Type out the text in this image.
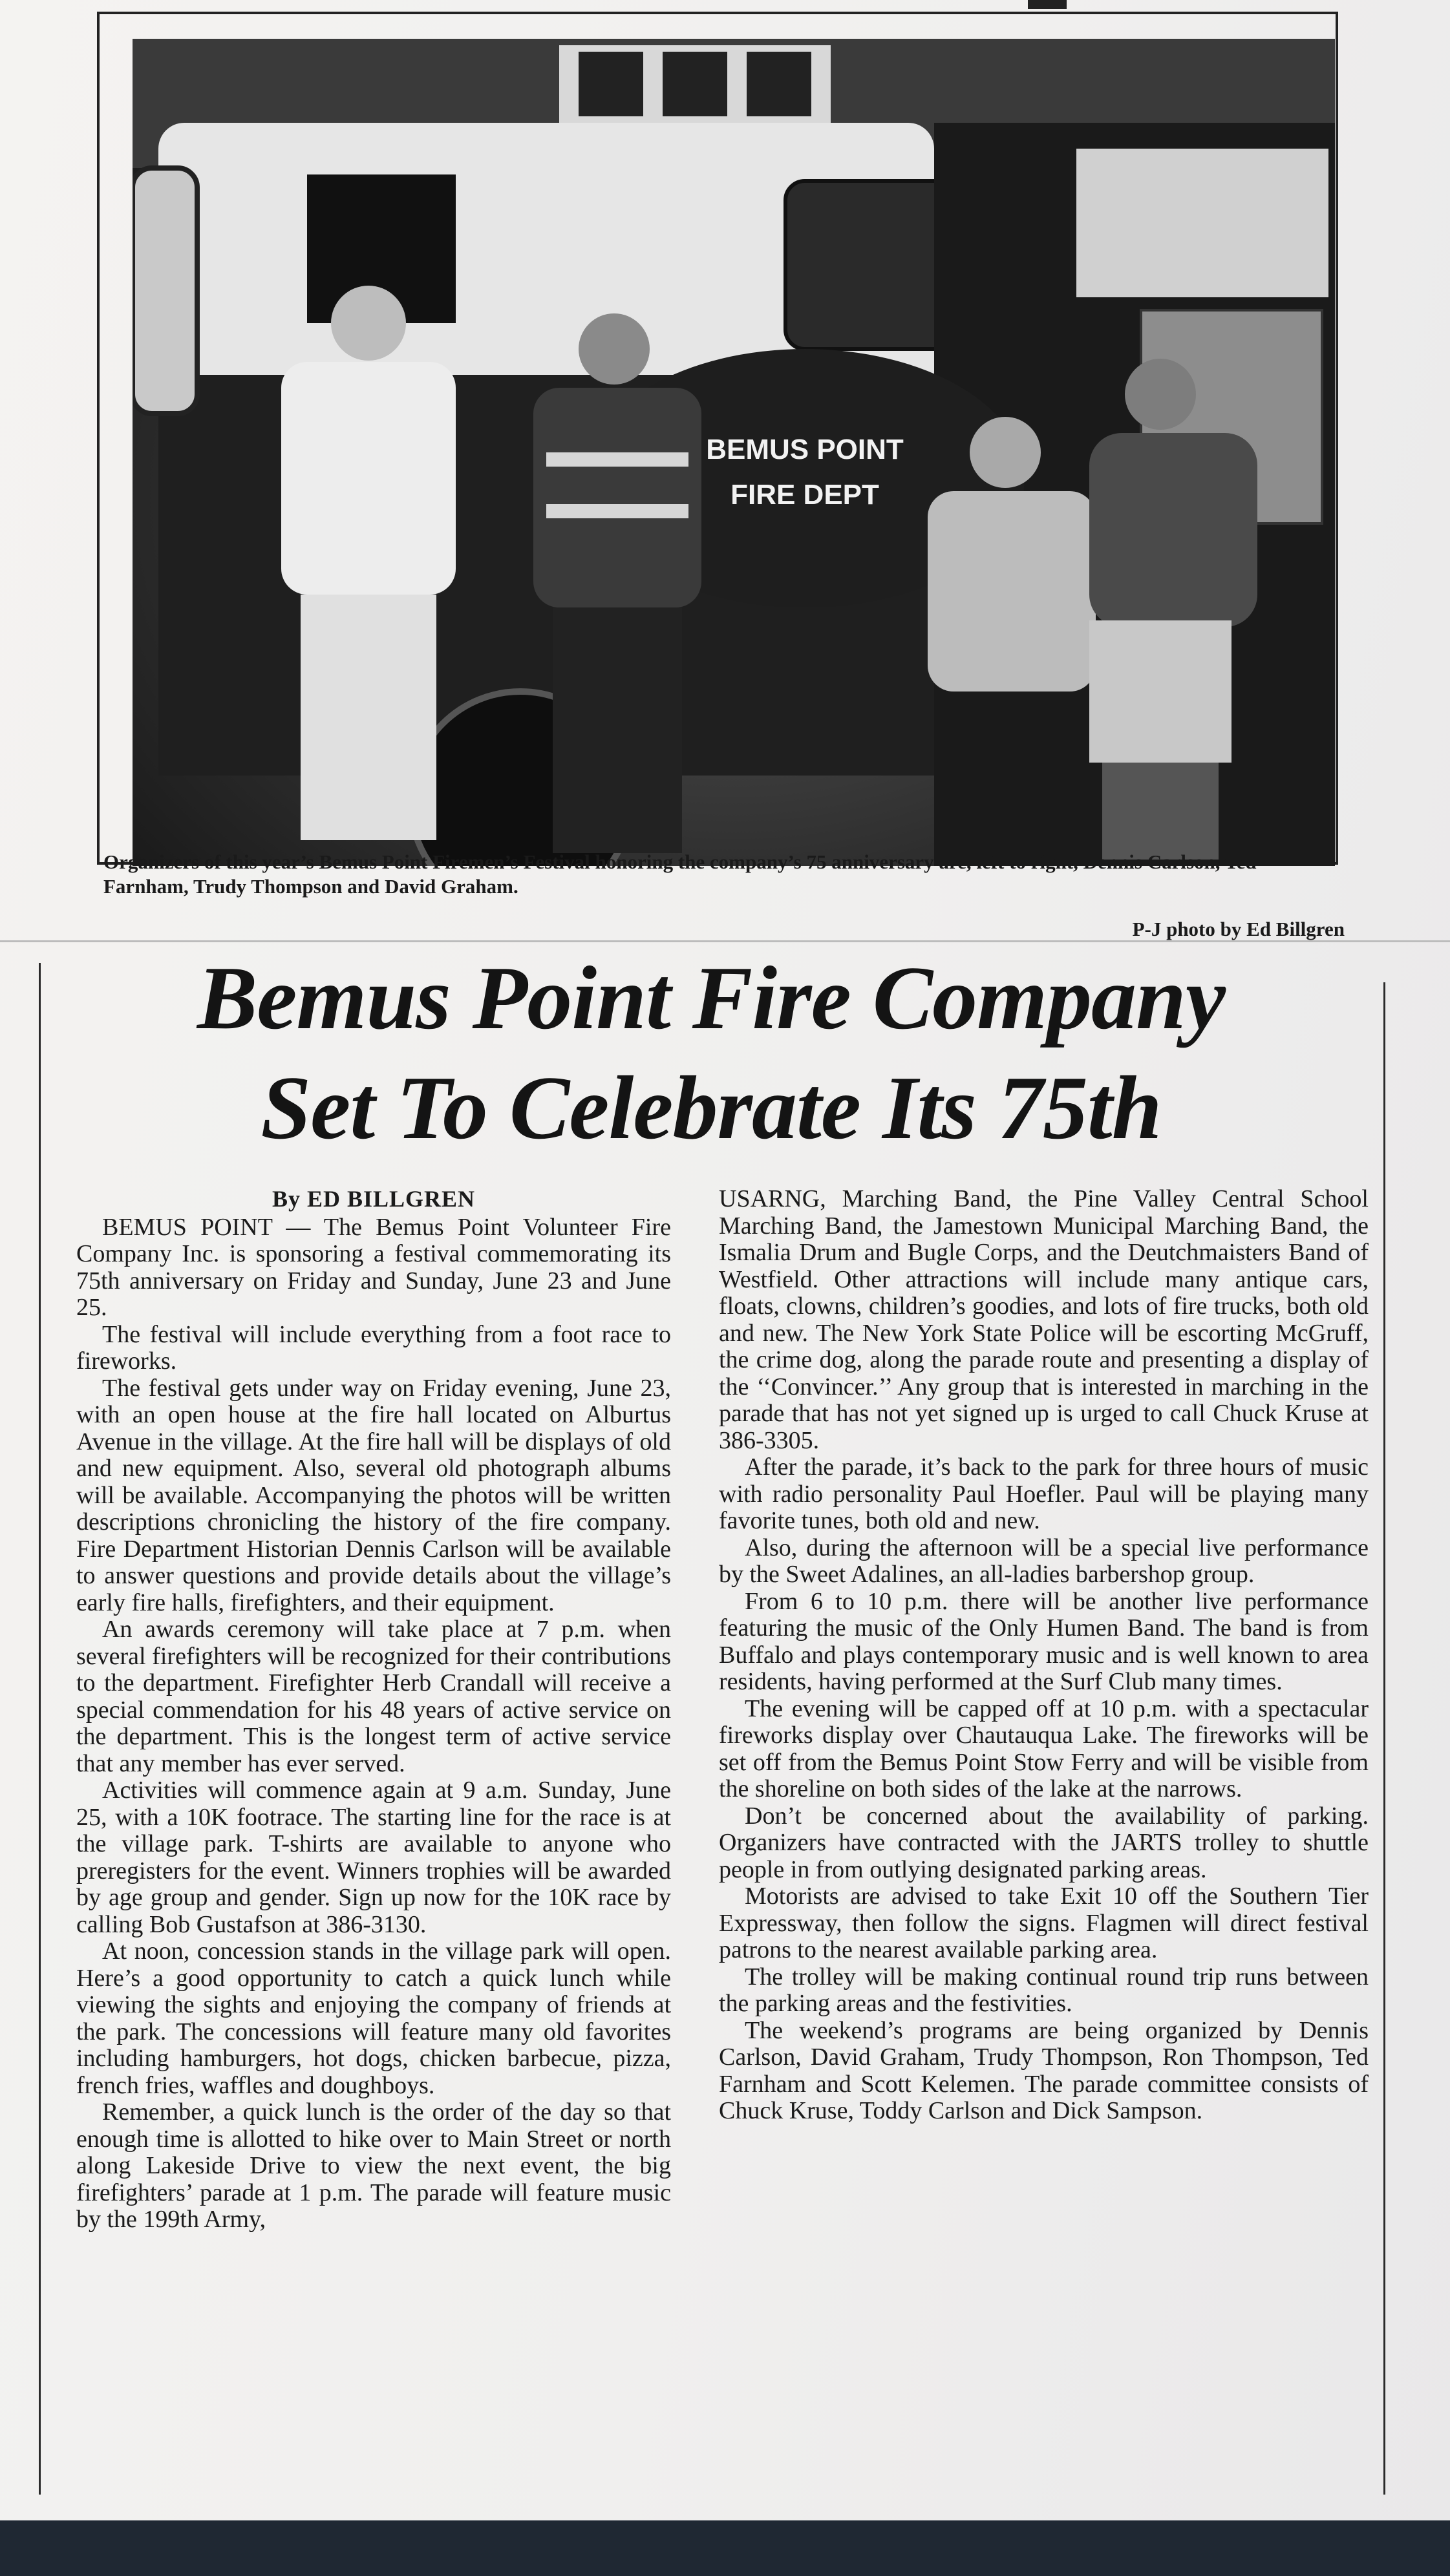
BEMUS POINT
FIRE DEPT
Organizers of this year’s Bemus Point Firemen’s Festival honoring the company’s 75 anniversary are, left to right, Dennis Carlson, Ted Farnham, Trudy Thompson and David Graham.
P-J photo by Ed Billgren
Bemus Point Fire Company
Set To Celebrate Its 75th
By ED BILLGREN

BEMUS POINT — The Bemus Point Volunteer Fire Company Inc. is sponsoring a festival commemorating its 75th anniversary on Friday and Sunday, June 23 and June 25.

The festival will include everything from a foot race to fireworks.

The festival gets under way on Friday evening, June 23, with an open house at the fire hall located on Alburtus Avenue in the village. At the fire hall will be displays of old and new equipment. Also, several old photograph albums will be available. Accompanying the photos will be written descriptions chronicling the history of the fire company. Fire Department Historian Dennis Carlson will be available to answer questions and provide details about the village’s early fire halls, firefighters, and their equipment.

An awards ceremony will take place at 7 p.m. when several firefighters will be recognized for their contributions to the department. Firefighter Herb Crandall will receive a special commendation for his 48 years of active service on the department. This is the longest term of active service that any member has ever served.

Activities will commence again at 9 a.m. Sunday, June 25, with a 10K footrace. The starting line for the race is at the village park. T-shirts are available to anyone who preregisters for the event. Winners trophies will be awarded by age group and gender. Sign up now for the 10K race by calling Bob Gustafson at 386-3130.

At noon, concession stands in the village park will open. Here’s a good opportunity to catch a quick lunch while viewing the sights and enjoying the company of friends at the park. The concessions will feature many old favorites including hamburgers, hot dogs, chicken barbecue, pizza, french fries, waffles and doughboys.

Remember, a quick lunch is the order of the day so that enough time is allotted to hike over to Main Street or north along Lakeside Drive to view the next event, the big firefighters’ parade at 1 p.m. The parade will feature music by the 199th Army,

USARNG, Marching Band, the Pine Valley Central School Marching Band, the Jamestown Municipal Marching Band, the Ismalia Drum and Bugle Corps, and the Deutchmaisters Band of Westfield. Other attractions will include many antique cars, floats, clowns, children’s goodies, and lots of fire trucks, both old and new. The New York State Police will be escorting McGruff, the crime dog, along the parade route and presenting a display of the ‘‘Convincer.’’ Any group that is interested in marching in the parade that has not yet signed up is urged to call Chuck Kruse at 386-3305.

After the parade, it’s back to the park for three hours of music with radio personality Paul Hoefler. Paul will be playing many favorite tunes, both old and new.

Also, during the afternoon will be a special live performance by the Sweet Adalines, an all-ladies barbershop group.

From 6 to 10 p.m. there will be another live performance featuring the music of the Only Humen Band. The band is from Buffalo and plays contemporary music and is well known to area residents, having performed at the Surf Club many times.

The evening will be capped off at 10 p.m. with a spectacular fireworks display over Chautauqua Lake. The fireworks will be set off from the Bemus Point Stow Ferry and will be visible from the shoreline on both sides of the lake at the narrows.

Don’t be concerned about the availability of parking. Organizers have contracted with the JARTS trolley to shuttle people in from outlying designated parking areas.

Motorists are advised to take Exit 10 off the Southern Tier Expressway, then follow the signs. Flagmen will direct festival patrons to the nearest available parking area.

The trolley will be making continual round trip runs between the parking areas and the festivities.

The weekend’s programs are being organized by Dennis Carlson, David Graham, Trudy Thompson, Ron Thompson, Ted Farnham and Scott Kelemen. The parade committee consists of Chuck Kruse, Toddy Carlson and Dick Sampson.
